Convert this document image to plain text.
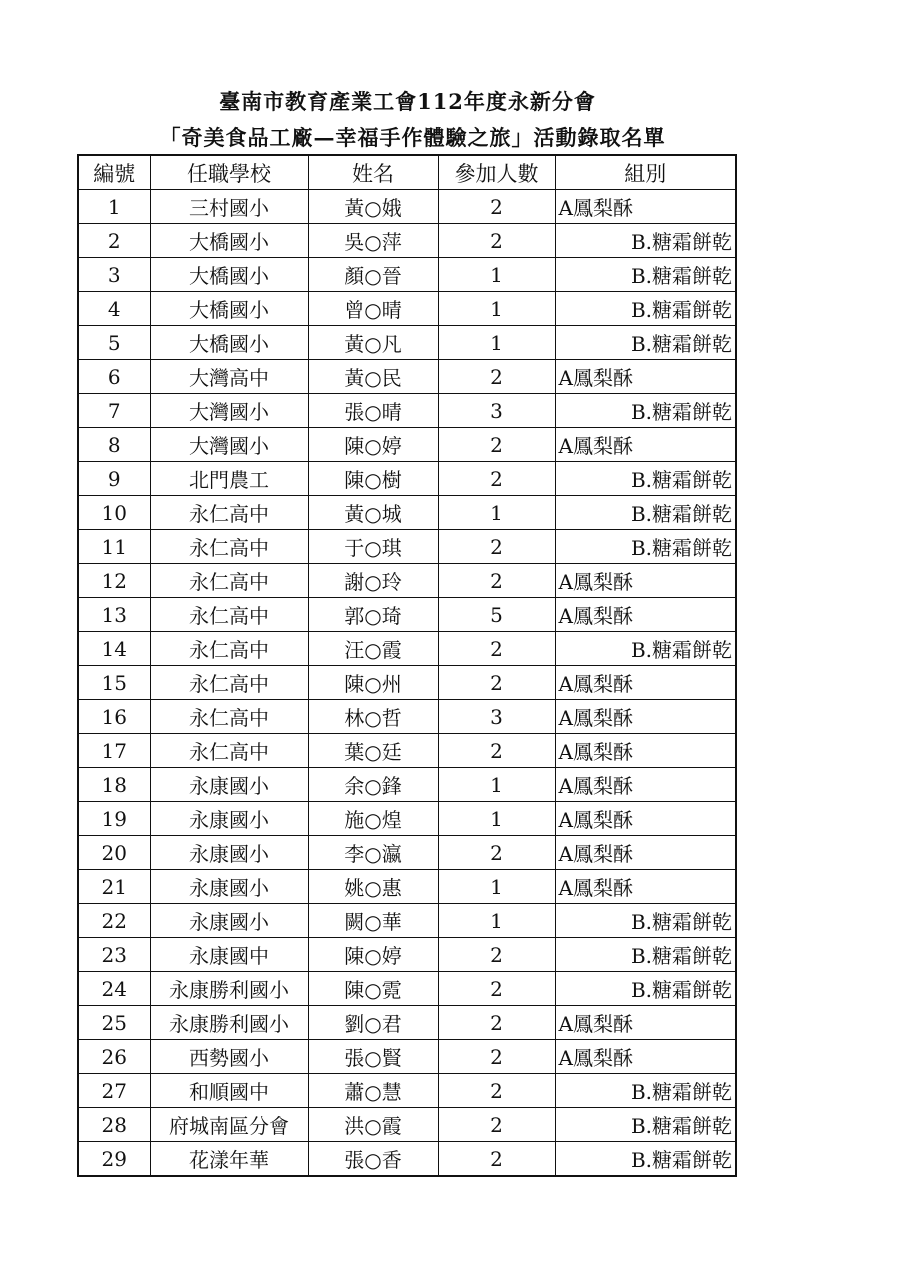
臺南市教育產業工會112年度永新分會
「奇美食品工廠—幸福手作體驗之旅」活動錄取名單
編號	任職學校	姓名	參加人數	組別
1	三村國小	黃○娥	2	A鳳梨酥
2	大橋國小	吳○萍	2	B.糖霜餅乾
3	大橋國小	顏○晉	1	B.糖霜餅乾
4	大橋國小	曾○晴	1	B.糖霜餅乾
5	大橋國小	黃○凡	1	B.糖霜餅乾
6	大灣高中	黃○民	2	A鳳梨酥
7	大灣國小	張○晴	3	B.糖霜餅乾
8	大灣國小	陳○婷	2	A鳳梨酥
9	北門農工	陳○樹	2	B.糖霜餅乾
10	永仁高中	黃○城	1	B.糖霜餅乾
11	永仁高中	于○琪	2	B.糖霜餅乾
12	永仁高中	謝○玲	2	A鳳梨酥
13	永仁高中	郭○琦	5	A鳳梨酥
14	永仁高中	汪○霞	2	B.糖霜餅乾
15	永仁高中	陳○州	2	A鳳梨酥
16	永仁高中	林○哲	3	A鳳梨酥
17	永仁高中	葉○廷	2	A鳳梨酥
18	永康國小	余○鋒	1	A鳳梨酥
19	永康國小	施○煌	1	A鳳梨酥
20	永康國小	李○瀛	2	A鳳梨酥
21	永康國小	姚○惠	1	A鳳梨酥
22	永康國小	闕○華	1	B.糖霜餅乾
23	永康國中	陳○婷	2	B.糖霜餅乾
24	永康勝利國小	陳○霓	2	B.糖霜餅乾
25	永康勝利國小	劉○君	2	A鳳梨酥
26	西勢國小	張○賢	2	A鳳梨酥
27	和順國中	蕭○慧	2	B.糖霜餅乾
28	府城南區分會	洪○霞	2	B.糖霜餅乾
29	花漾年華	張○香	2	B.糖霜餅乾
